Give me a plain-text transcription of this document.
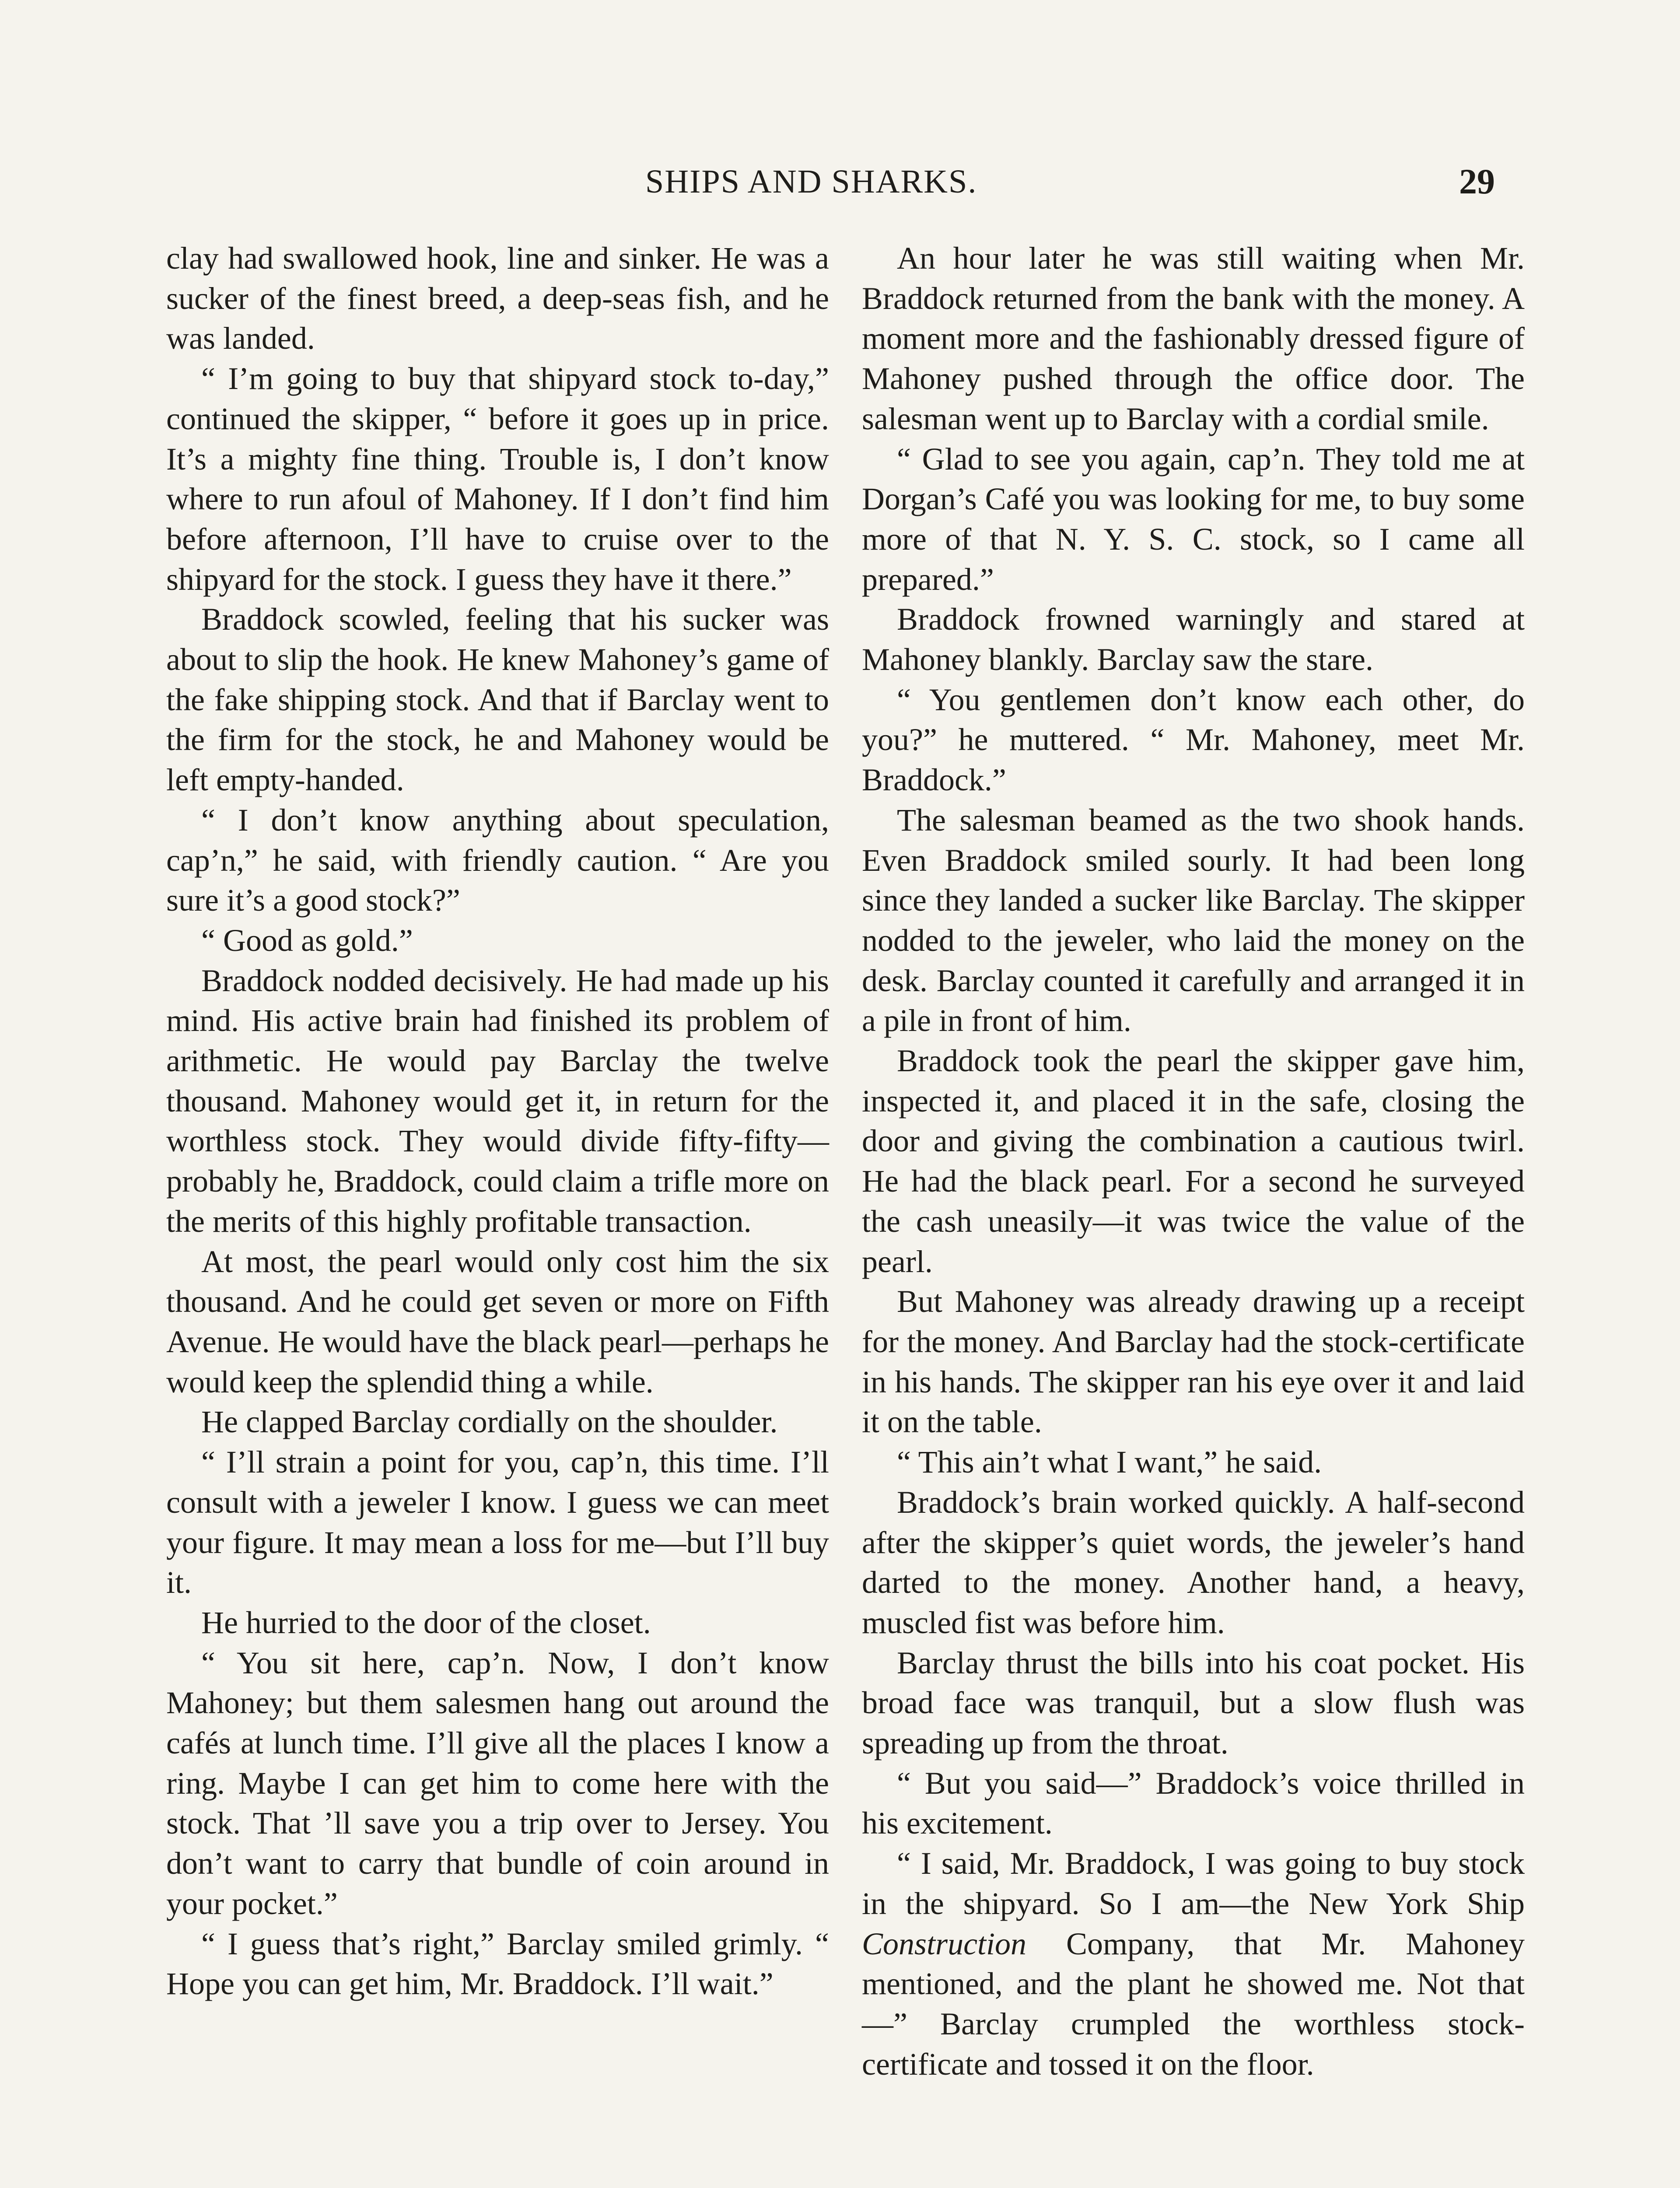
SHIPS AND SHARKS.	29

clay had swallowed hook, line and sinker. He was a sucker of the finest breed, a deep-seas fish, and he was landed.

“ I’m going to buy that shipyard stock to-day,” continued the skipper, “ before it goes up in price. It’s a mighty fine thing. Trouble is, I don’t know where to run afoul of Mahoney. If I don’t find him before afternoon, I’ll have to cruise over to the shipyard for the stock. I guess they have it there.”

Braddock scowled, feeling that his sucker was about to slip the hook. He knew Mahoney’s game of the fake shipping stock. And that if Barclay went to the firm for the stock, he and Mahoney would be left empty-handed.

“ I don’t know anything about speculation, cap’n,” he said, with friendly caution. “ Are you sure it’s a good stock?”

“ Good as gold.”

Braddock nodded decisively. He had made up his mind. His active brain had finished its problem of arithmetic. He would pay Barclay the twelve thousand. Mahoney would get it, in return for the worthless stock. They would divide fifty-fifty—probably he, Braddock, could claim a trifle more on the merits of this highly profitable transaction.

At most, the pearl would only cost him the six thousand. And he could get seven or more on Fifth Avenue. He would have the black pearl—perhaps he would keep the splendid thing a while.

He clapped Barclay cordially on the shoulder.

“ I’ll strain a point for you, cap’n, this time. I’ll consult with a jeweler I know. I guess we can meet your figure. It may mean a loss for me—but I’ll buy it.

He hurried to the door of the closet.

“ You sit here, cap’n. Now, I don’t know Mahoney; but them salesmen hang out around the cafés at lunch time. I’ll give all the places I know a ring. Maybe I can get him to come here with the stock. That ’ll save you a trip over to Jersey. You don’t want to carry that bundle of coin around in your pocket.”

“ I guess that’s right,” Barclay smiled grimly. “ Hope you can get him, Mr. Braddock. I’ll wait.”

An hour later he was still waiting when Mr. Braddock returned from the bank with the money. A moment more and the fashionably dressed figure of Mahoney pushed through the office door. The salesman went up to Barclay with a cordial smile.

“ Glad to see you again, cap’n. They told me at Dorgan’s Café you was looking for me, to buy some more of that N. Y. S. C. stock, so I came all prepared.”

Braddock frowned warningly and stared at Mahoney blankly. Barclay saw the stare.

“ You gentlemen don’t know each other, do you?” he muttered. “ Mr. Mahoney, meet Mr. Braddock.”

The salesman beamed as the two shook hands. Even Braddock smiled sourly. It had been long since they landed a sucker like Barclay. The skipper nodded to the jeweler, who laid the money on the desk. Barclay counted it carefully and arranged it in a pile in front of him.

Braddock took the pearl the skipper gave him, inspected it, and placed it in the safe, closing the door and giving the combination a cautious twirl. He had the black pearl. For a second he surveyed the cash uneasily—it was twice the value of the pearl.

But Mahoney was already drawing up a receipt for the money. And Barclay had the stock-certificate in his hands. The skipper ran his eye over it and laid it on the table.

“ This ain’t what I want,” he said.

Braddock’s brain worked quickly. A half-second after the skipper’s quiet words, the jeweler’s hand darted to the money. Another hand, a heavy, muscled fist was before him.

Barclay thrust the bills into his coat pocket. His broad face was tranquil, but a slow flush was spreading up from the throat.

“ But you said—” Braddock’s voice thrilled in his excitement.

“ I said, Mr. Braddock, I was going to buy stock in the shipyard. So I am—the New York Ship Construction Company, that Mr. Mahoney mentioned, and the plant he showed me. Not that—” Barclay crumpled the worthless stock-certificate and tossed it on the floor.
